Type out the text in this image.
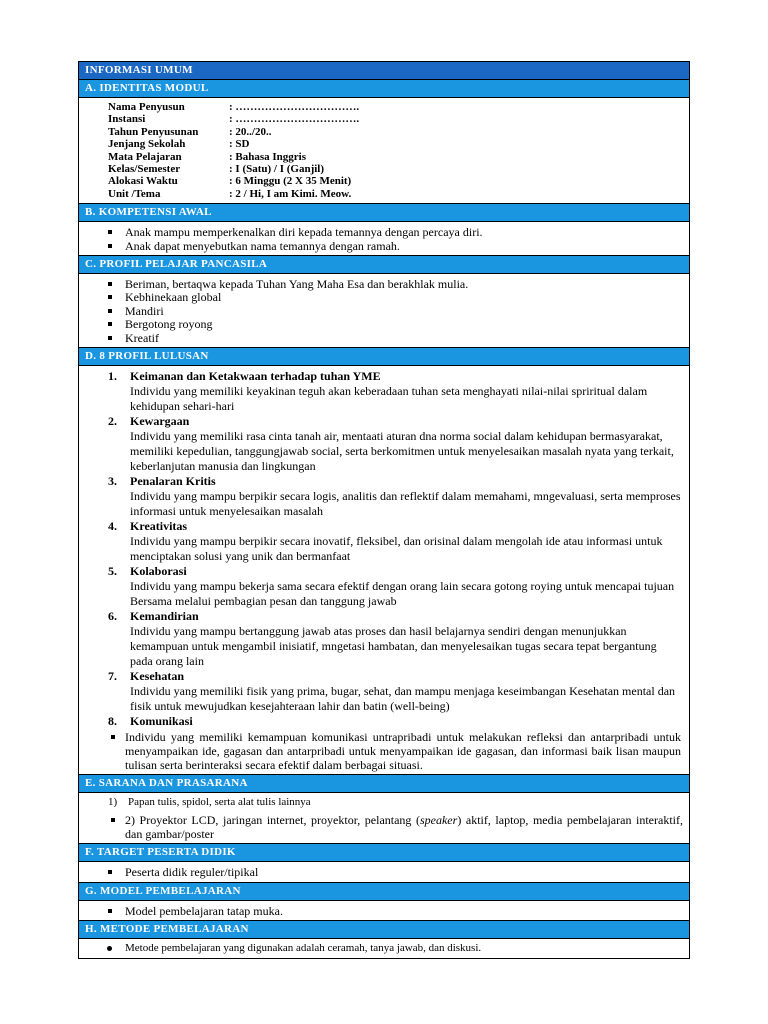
INFORMASI UMUM
A. IDENTITAS MODUL
Nama Penyusun	: …………………………….
Instansi	: …………………………….
Tahun Penyusunan	: 20../20..
Jenjang Sekolah	: SD
Mata Pelajaran	: Bahasa Inggris
Kelas/Semester	: I (Satu) / I (Ganjil)
Alokasi Waktu	: 6 Minggu (2 X 35 Menit)
Unit /Tema	: 2 / Hi, I am Kimi. Meow.
B. KOMPETENSI AWAL
Anak mampu memperkenalkan diri kepada temannya dengan percaya diri.
Anak dapat menyebutkan nama temannya dengan ramah.
C. PROFIL PELAJAR PANCASILA
Beriman, bertaqwa kepada Tuhan Yang Maha Esa dan berakhlak mulia.
Kebhinekaan global
Mandiri
Bergotong royong
Kreatif
D. 8 PROFIL LULUSAN
1.	Keimanan dan Ketakwaan terhadap tuhan YME
Individu yang memiliki keyakinan teguh akan keberadaan tuhan seta menghayati nilai-nilai spriritual dalam kehidupan sehari-hari
2.	Kewargaan
Individu yang memiliki rasa cinta tanah air, mentaati aturan dna norma social dalam kehidupan bermasyarakat, memiliki kepedulian, tanggungjawab social, serta berkomitmen untuk menyelesaikan masalah nyata yang terkait, keberlanjutan manusia dan lingkungan
3.	Penalaran Kritis
Individu yang mampu berpikir secara logis, analitis dan reflektif dalam memahami, mngevaluasi, serta memproses informasi untuk menyelesaikan masalah
4.	Kreativitas
Individu yang mampu berpikir secara inovatif, fleksibel, dan orisinal dalam mengolah ide atau informasi untuk menciptakan solusi yang unik dan bermanfaat
5.	Kolaborasi
Individu yang mampu bekerja sama secara efektif dengan orang lain secara gotong roying untuk mencapai tujuan Bersama melalui pembagian pesan dan tanggung jawab
6.	Kemandirian
Individu yang mampu bertanggung jawab atas proses dan hasil belajarnya sendiri dengan menunjukkan kemampuan untuk mengambil inisiatif, mngetasi hambatan, dan menyelesaikan tugas secara tepat bergantung pada orang lain
7.	Kesehatan
Individu yang memiliki fisik yang prima, bugar, sehat, dan mampu menjaga keseimbangan Kesehatan mental dan fisik untuk mewujudkan kesejahteraan lahir dan batin (well-being)
8.	Komunikasi
Individu yang memiliki kemampuan komunikasi untrapribadi untuk melakukan refleksi dan antarpribadi untuk menyampaikan ide, gagasan dan antarpribadi untuk menyampaikan ide gagasan, dan informasi baik lisan maupun tulisan serta berinteraksi secara efektif dalam berbagai situasi.
E. SARANA DAN PRASARANA
1) Papan tulis, spidol, serta alat tulis lainnya
2) Proyektor LCD, jaringan internet, proyektor, pelantang (speaker) aktif, laptop, media pembelajaran interaktif, dan gambar/poster
F. TARGET PESERTA DIDIK
Peserta didik reguler/tipikal
G. MODEL PEMBELAJARAN
Model pembelajaran tatap muka.
H. METODE PEMBELAJARAN
Metode pembelajaran yang digunakan adalah ceramah, tanya jawab, dan diskusi.
